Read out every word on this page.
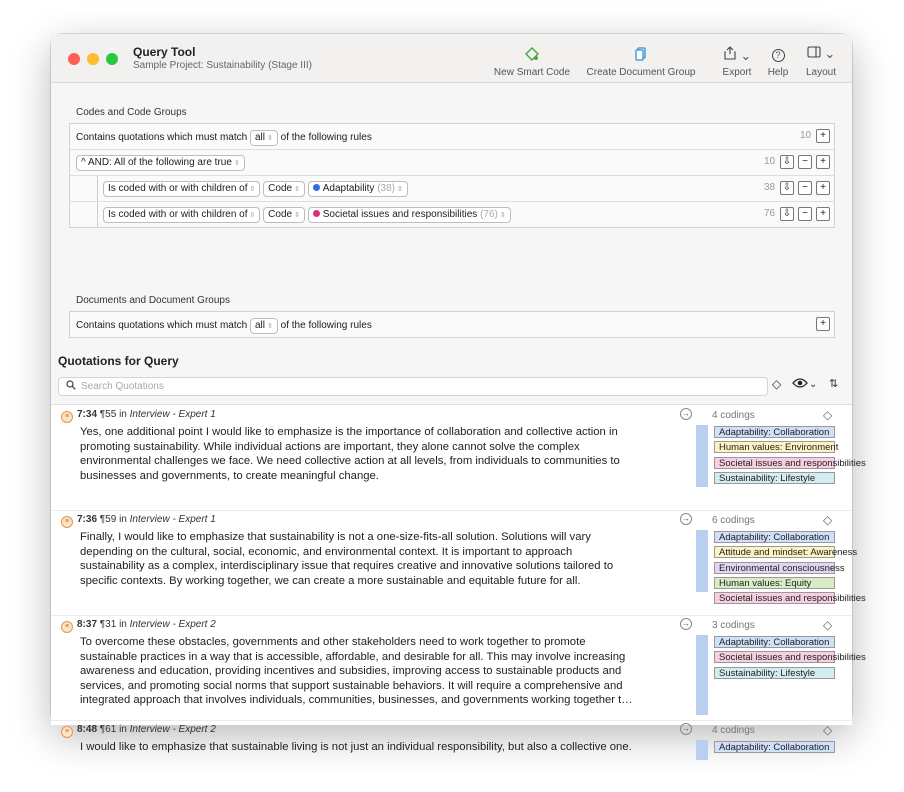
Query Tool
Sample Project: Sustainability (Stage III)
New Smart Code	Create Document Group
⌄
Export
?
Help
⌄
Layout
Codes and Code Groups
Contains quotations which must match all ⇳ of the following rules	10 +
^ AND: All of the following are true ⇳	10 ⇩	−	+
Is coded with or with children of ⇳ Code ⇳ Adaptability (38) ⇳	38 ⇩	−	+
Is coded with or with children of ⇳ Code ⇳ Societal issues and responsibilities (76) ⇳	76 ⇩	−	+
Documents and Document Groups
Contains quotations which must match all ⇳ of the following rules	+
Quotations for Query
Search Quotations	◇	⌄ ⇅
≡ 7:34 ¶55 in Interview - Expert 1
Yes, one additional point I would like to emphasize is the importance of collaboration and collective action in
promoting sustainability. While individual actions are important, they alone cannot solve the complex
environmental challenges we face. We need collective action at all levels, from individuals to communities to
businesses and governments, to create meaningful change.
→ 4 codings	◇
Adaptability: Collaboration
Human values: Environment
Societal issues and responsibilities
Sustainability: Lifestyle
≡ 7:36 ¶59 in Interview - Expert 1
Finally, I would like to emphasize that sustainability is not a one-size-fits-all solution. Solutions will vary
depending on the cultural, social, economic, and environmental context. It is important to approach
sustainability as a complex, interdisciplinary issue that requires creative and innovative solutions tailored to
specific contexts. By working together, we can create a more sustainable and equitable future for all.
→ 6 codings	◇
Adaptability: Collaboration
Attitude and mindset: Awareness
Environmental consciousness
Human values: Equity
Societal issues and responsibilities
≡ 8:37 ¶31 in Interview - Expert 2
To overcome these obstacles, governments and other stakeholders need to work together to promote
sustainable practices in a way that is accessible, affordable, and desirable for all. This may involve increasing
awareness and education, providing incentives and subsidies, improving access to sustainable products and
services, and promoting social norms that support sustainable behaviors. It will require a comprehensive and
integrated approach that involves individuals, communities, businesses, and governments working together t…
→ 3 codings	◇
Adaptability: Collaboration
Societal issues and responsibilities
Sustainability: Lifestyle
≡ 8:48 ¶61 in Interview - Expert 2
I would like to emphasize that sustainable living is not just an individual responsibility, but also a collective one.
→ 4 codings	◇
Adaptability: Collaboration
